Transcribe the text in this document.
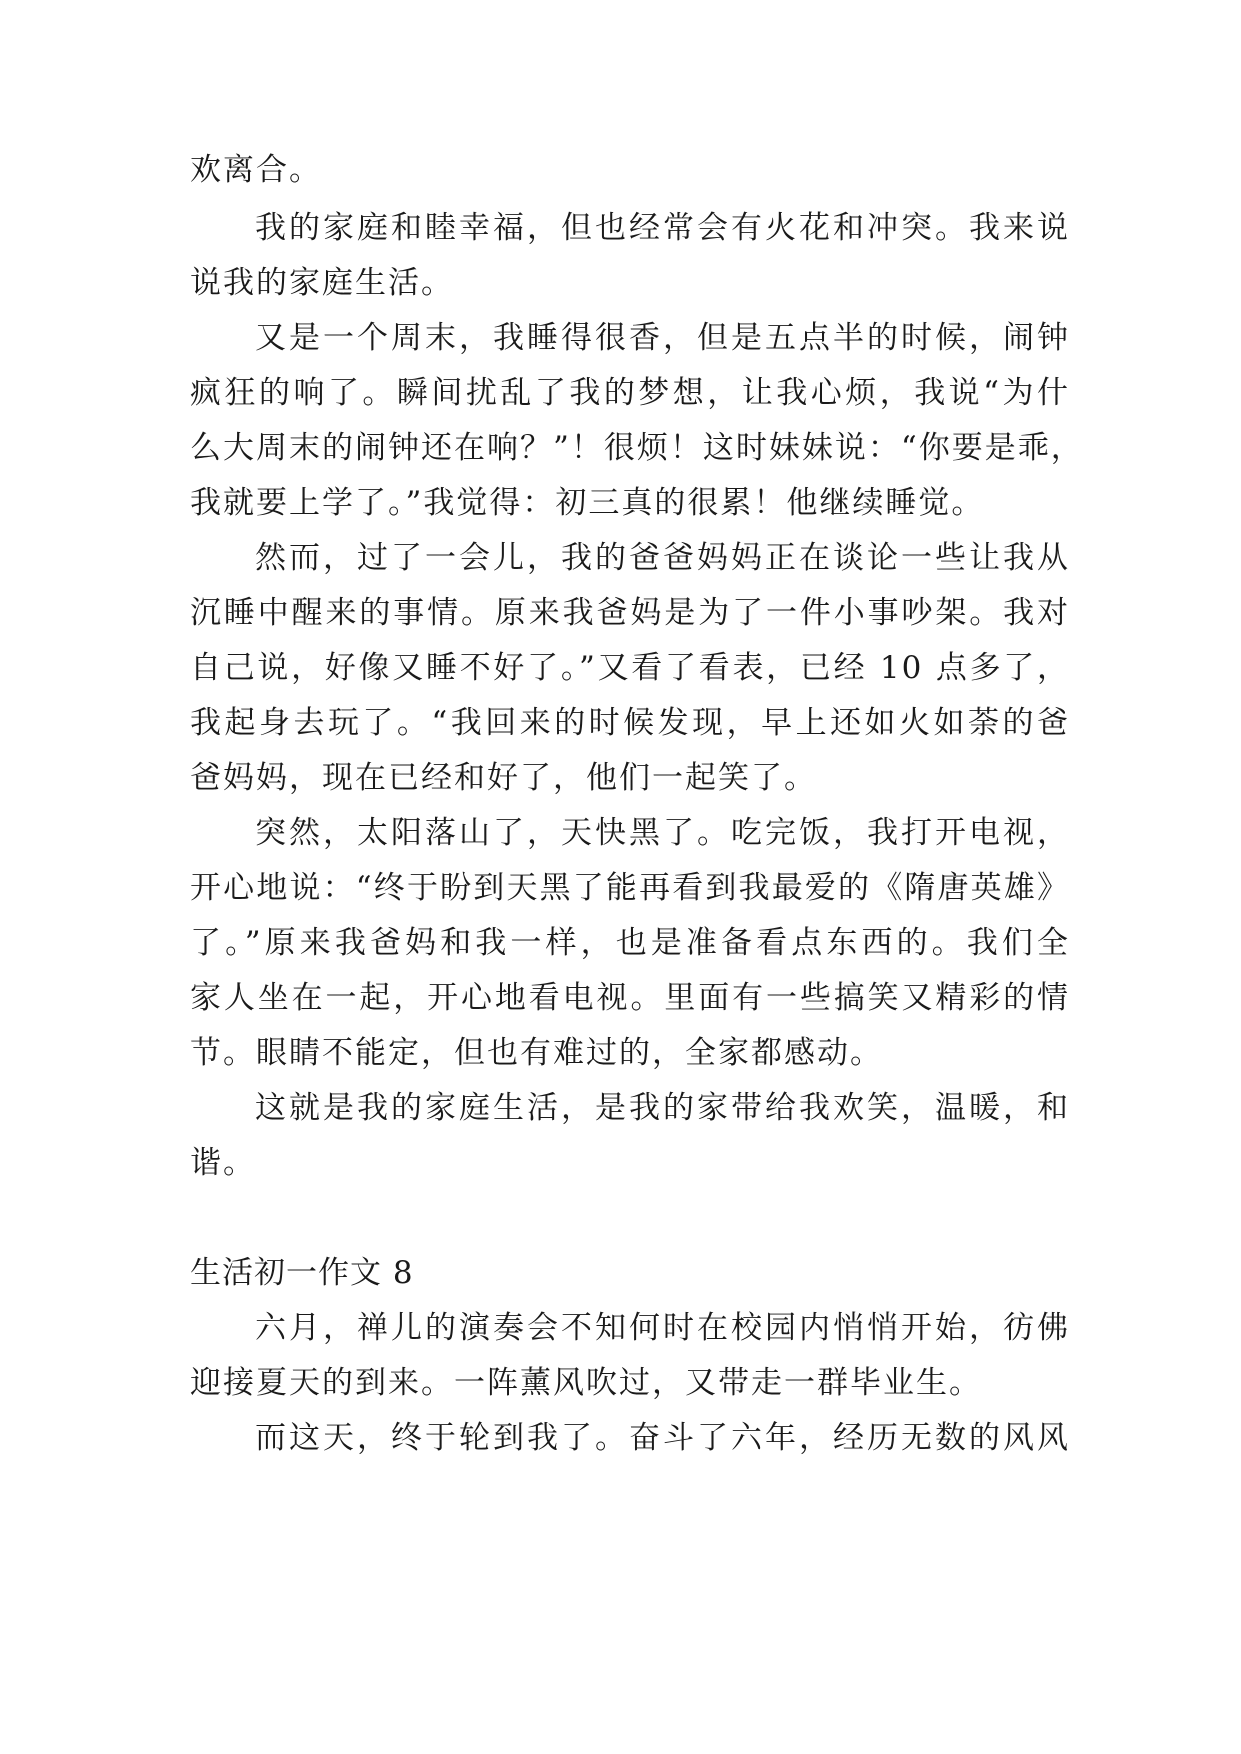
欢离合。
我的家庭和睦幸福，但也经常会有火花和冲突。我来说
说我的家庭生活。
又是一个周末，我睡得很香，但是五点半的时候，闹钟
疯狂的响了。瞬间扰乱了我的梦想，让我心烦，我说“为什
么大周末的闹钟还在响？”！很烦！这时妹妹说：“你要是乖，
我就要上学了。”我觉得：初三真的很累！他继续睡觉。
然而，过了一会儿，我的爸爸妈妈正在谈论一些让我从
沉睡中醒来的事情。原来我爸妈是为了一件小事吵架。我对
自己说，好像又睡不好了。”又看了看表，已经 10 点多了，
我起身去玩了。“我回来的时候发现，早上还如火如荼的爸
爸妈妈，现在已经和好了，他们一起笑了。
突然，太阳落山了，天快黑了。吃完饭，我打开电视，
开心地说：“终于盼到天黑了能再看到我最爱的《隋唐英雄》
了。”原来我爸妈和我一样，也是准备看点东西的。我们全
家人坐在一起，开心地看电视。里面有一些搞笑又精彩的情
节。眼睛不能定，但也有难过的，全家都感动。
这就是我的家庭生活，是我的家带给我欢笑，温暖，和
谐。
生活初一作文 8
六月，禅儿的演奏会不知何时在校园内悄悄开始，彷佛
迎接夏天的到来。一阵薰风吹过，又带走一群毕业生。
而这天，终于轮到我了。奋斗了六年，经历无数的风风
